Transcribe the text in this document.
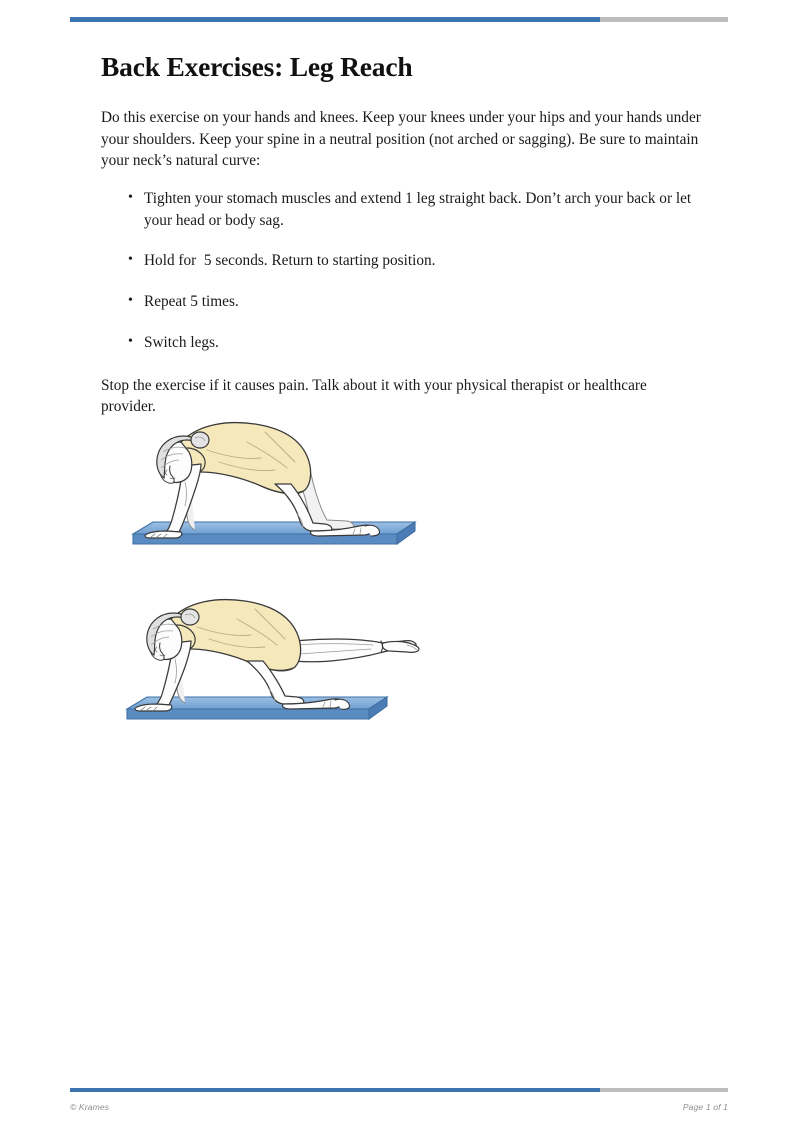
Back Exercises: Leg Reach

Do this exercise on your hands and knees. Keep your knees under your hips and your hands under your shoulders. Keep your spine in a neutral position (not arched or sagging). Be sure to maintain your neck’s natural curve:

• Tighten your stomach muscles and extend 1 leg straight back. Don’t arch your back or let your head or body sag.
• Hold for  5 seconds. Return to starting position.
• Repeat 5 times.
• Switch legs.

Stop the exercise if it causes pain. Talk about it with your physical therapist or healthcare provider.

© Krames	Page 1 of 1
